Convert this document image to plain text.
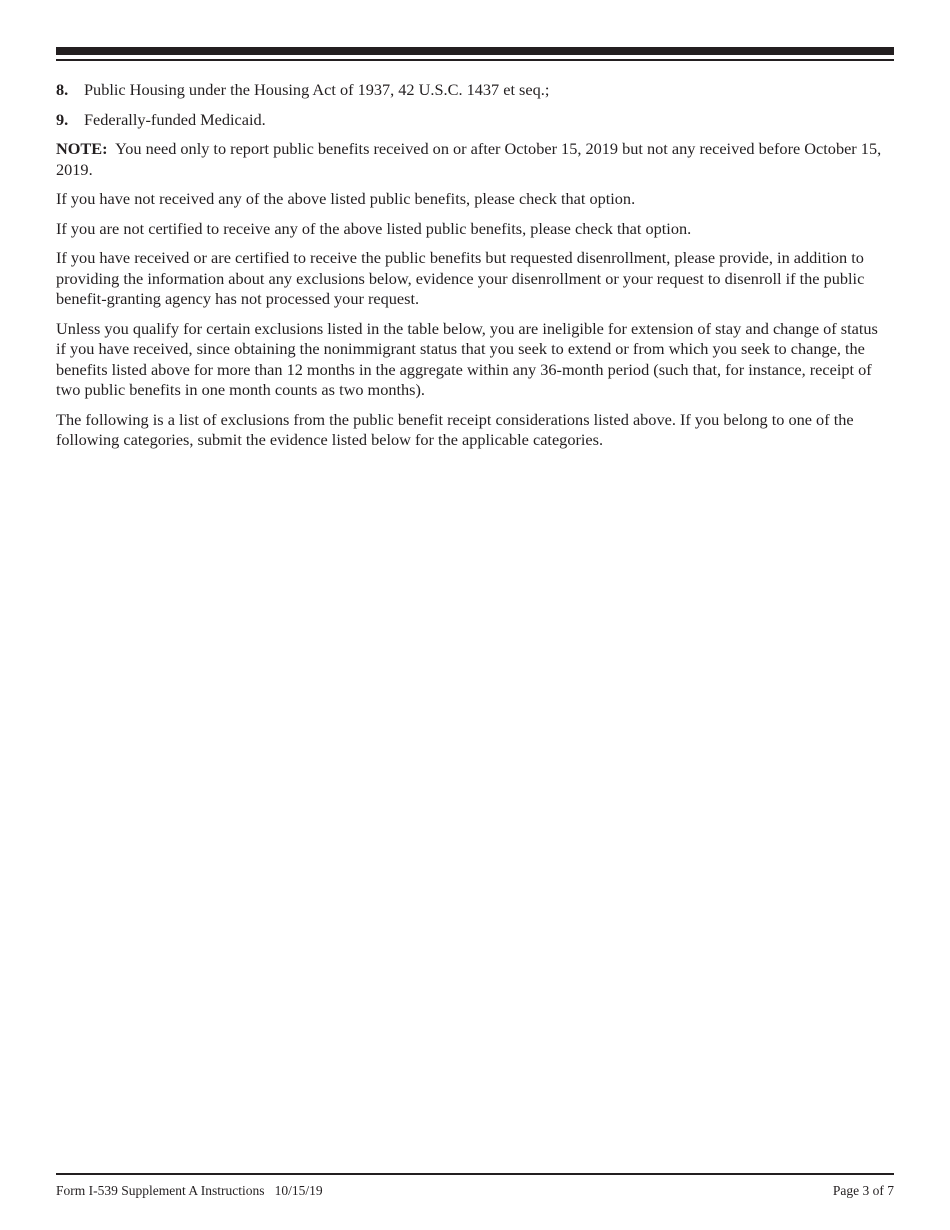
8. Public Housing under the Housing Act of 1937, 42 U.S.C. 1437 et seq.;
9. Federally-funded Medicaid.

NOTE: You need only to report public benefits received on or after October 15, 2019 but not any received before October 15, 2019.

If you have not received any of the above listed public benefits, please check that option.

If you are not certified to receive any of the above listed public benefits, please check that option.

If you have received or are certified to receive the public benefits but requested disenrollment, please provide, in addition to providing the information about any exclusions below, evidence your disenrollment or your request to disenroll if the public benefit-granting agency has not processed your request.

Unless you qualify for certain exclusions listed in the table below, you are ineligible for extension of stay and change of status if you have received, since obtaining the nonimmigrant status that you seek to extend or from which you seek to change, the benefits listed above for more than 12 months in the aggregate within any 36-month period (such that, for instance, receipt of two public benefits in one month counts as two months).

The following is a list of exclusions from the public benefit receipt considerations listed above. If you belong to one of the following categories, submit the evidence listed below for the applicable categories.

Form I-539 Supplement A Instructions   10/15/19	Page 3 of 7
